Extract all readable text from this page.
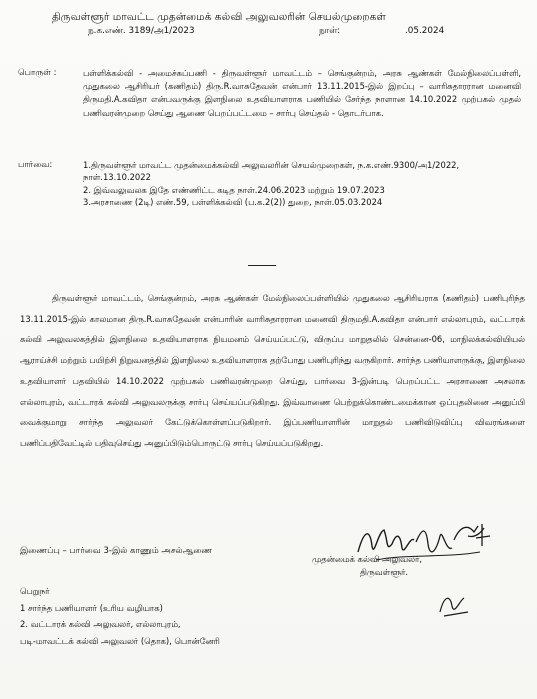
திருவள்ளூர் மாவட்ட முதன்மைக் கல்வி அலுவலரின் செயல்முறைகள்
ந.க.எண். 3189/அ1/2023	நாள்:	.05.2024
பொருள் :	பள்ளிக்கல்வி - அமைச்சுப்பணி - திருவள்ளூர் மாவட்டம் – செங்குன்றம், அரசு ஆண்கள் மேல்நிலைப்பள்ளி, முதுகலை ஆசிரியர் (கணிதம்) திரு.R.வாசுதேவன் என்பார் 13.11.2015-இல் இறப்பு – வாரிசுதாரரான மனைவி திருமதி.A.கவிதா என்பவருக்கு இளநிலை உதவியாளராக பணியில் சேர்ந்த நாளான 14.10.2022 முற்பகல் முதல் பணிவரன்முறை செய்து ஆணை பெறப்பட்டமை – சார்பு செய்தல் - தொடர்பாக.
பார்வை:	1.திருவள்ளூர் மாவட்ட முதன்மைக்கல்வி அலுவலரின் செயல்முறைகள், ந.க.எண்.9300/அ1/2022, நாள்.13.10.2022

2. இவ்வலுவலக இதே எண்ணிட்ட கடித நாள்.24.06.2023 மற்றும் 19.07.2023

3.அரசாணை (2டி) எண்.59, பள்ளிக்கல்வி (ப.க.2(2)) துறை, நாள்.05.03.2024

திருவள்ளூர் மாவட்டம், செங்குன்றம், அரசு ஆண்கள் மேல்நிலைப்பள்ளியில் முதுகலை ஆசிரியராக (கணிதம்) பணிபுரிந்த 13.11.2015-இல் காலமான திரு.R.வாசுதேவன் என்பாரின் வாரிசுதாரரான மனைவி திருமதி.A.கவிதா என்பார் எல்லாபுரம், வட்டாரக் கல்வி அலுவலகத்தில் இளநிலை உதவியாளராக நியமனம் செய்யப்பட்டு, விருப்ப மாறுதலில் சென்னை-06, மாநிலக்கல்வியியல் ஆராய்ச்சி மற்றும் பயிற்சி நிறுவனத்தில் இளநிலை உதவியாளராக தற்போது பணிபுரிந்து வருகிறார். சார்ந்த பணியாளருக்கு, இளநிலை உதவியாளர் பதவியில் 14.10.2022 முற்பகல் பணிவரன்முறை செய்து, பார்வை 3-இன்படி பெறப்பட்ட அரசாணை அசலாக எல்லாபுரம், வட்டாரக் கல்வி அலுவலருக்கு சார்பு செய்யப்படுகிறது. இவ்வாணை பெற்றுக்கொண்டமைக்கான ஒப்புதலினை அனுப்பி வைக்குமாறு சார்ந்த அலுவலர் கேட்டுக்கொள்ளப்படுகிறார். இப்பணியாளரின் மாறுதல் பணிவிடுவிப்பு விவரங்களை பணிப்பதிவேட்டில் பதிவுசெய்து அனுப்பிடும்பொருட்டு சார்பு செய்யப்படுகிறது.

இணைப்பு – பார்வை 3-இல் காணும் அசல்ஆணை
முதன்மைக் கல்வி அலுவலர்,
திருவள்ளூர்.
பெறுநர்
1 சார்ந்த பணியாளர் (உரிய வழியாக)
2. வட்டாரக் கல்வி அலுவலர், எல்லாபுரம்,
படி-மாவட்டக் கல்வி அலுவலர் (தொக), பொன்னேரி
